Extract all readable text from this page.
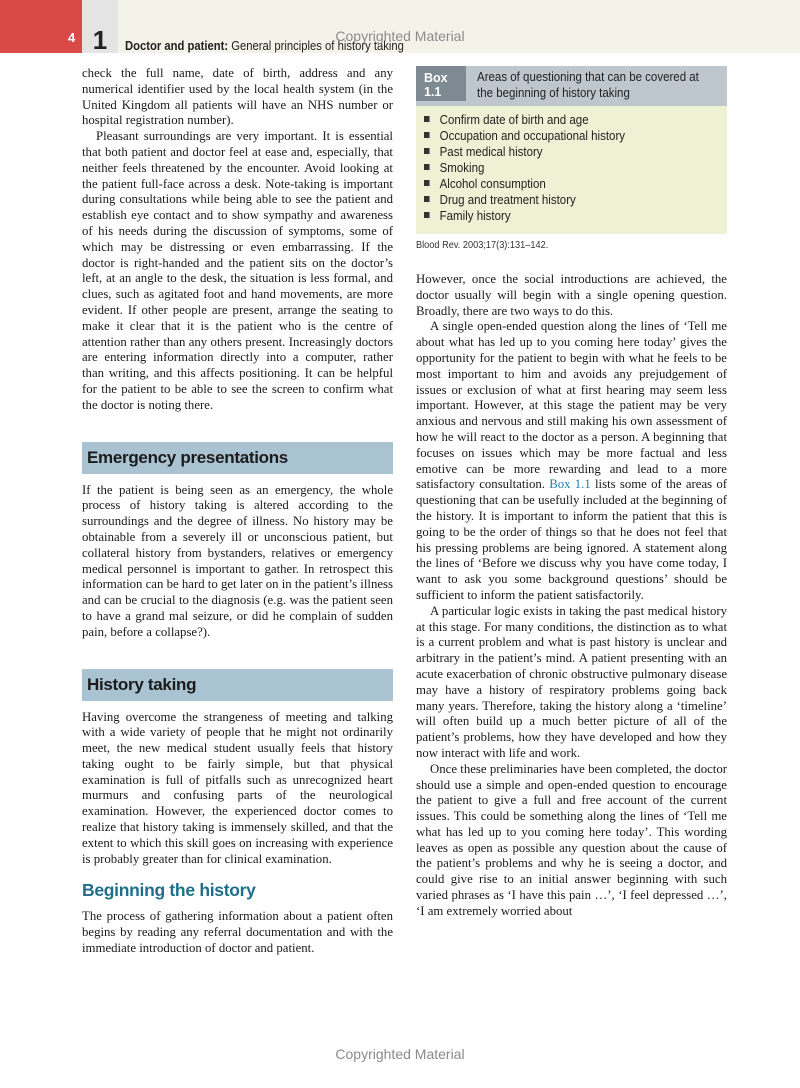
4 1	Doctor and patient: General principles of history taking
Copyrighted Material

check the full name, date of birth, address and any numerical identifier used by the local health system (in the United Kingdom all patients will have an NHS number or hospital registration number).

Pleasant surroundings are very important. It is essential that both patient and doctor feel at ease and, especially, that neither feels threatened by the encounter. Avoid looking at the patient full-face across a desk. Note-taking is important during consultations while being able to see the patient and establish eye contact and to show sympathy and awareness of his needs during the discussion of symptoms, some of which may be distressing or even embarrassing. If the doctor is right-handed and the patient sits on the doctor’s left, at an angle to the desk, the situation is less formal, and clues, such as agitated foot and hand movements, are more evident. If other people are present, arrange the seating to make it clear that it is the patient who is the centre of attention rather than any others present. Increasingly doctors are entering information directly into a computer, rather than writing, and this affects positioning. It can be helpful for the patient to be able to see the screen to confirm what the doctor is noting there.

Emergency presentations

If the patient is being seen as an emergency, the whole process of history taking is altered according to the surroundings and the degree of illness. No history may be obtainable from a severely ill or unconscious patient, but collateral history from bystanders, relatives or emergency medical personnel is important to gather. In retrospect this information can be hard to get later on in the patient’s illness and can be crucial to the diagnosis (e.g. was the patient seen to have a grand mal seizure, or did he complain of sudden pain, before a collapse?).

History taking

Having overcome the strangeness of meeting and talking with a wide variety of people that he might not ordinarily meet, the new medical student usually feels that history taking ought to be fairly simple, but that physical examination is full of pitfalls such as unrecognized heart murmurs and confusing parts of the neurological examination. However, the experienced doctor comes to realize that history taking is immensely skilled, and that the extent to which this skill goes on increasing with experience is probably greater than for clinical examination.

Beginning the history

The process of gathering information about a patient often begins by reading any referral documentation and with the immediate introduction of doctor and patient.

Box 1.1
Areas of questioning that can be covered at the beginning of history taking
Confirm date of birth and age
Occupation and occupational history
Past medical history
Smoking
Alcohol consumption
Drug and treatment history
Family history
Blood Rev. 2003;17(3):131–142.

However, once the social introductions are achieved, the doctor usually will begin with a single opening question. Broadly, there are two ways to do this.

A single open-ended question along the lines of ‘Tell me about what has led up to you coming here today’ gives the opportunity for the patient to begin with what he feels to be most important to him and avoids any prejudgement of issues or exclusion of what at first hearing may seem less important. However, at this stage the patient may be very anxious and nervous and still making his own assessment of how he will react to the doctor as a person. A beginning that focuses on issues which may be more factual and less emotive can be more rewarding and lead to a more satisfactory consultation. Box 1.1 lists some of the areas of questioning that can be usefully included at the beginning of the history. It is important to inform the patient that this is going to be the order of things so that he does not feel that his pressing problems are being ignored. A statement along the lines of ‘Before we discuss why you have come today, I want to ask you some background questions’ should be sufficient to inform the patient satisfactorily.

A particular logic exists in taking the past medical history at this stage. For many conditions, the distinction as to what is a current problem and what is past history is unclear and arbitrary in the patient’s mind. A patient presenting with an acute exacerbation of chronic obstructive pulmonary disease may have a history of respiratory problems going back many years. Therefore, taking the history along a ‘timeline’ will often build up a much better picture of all of the patient’s problems, how they have developed and how they now interact with life and work.

Once these preliminaries have been completed, the doctor should use a simple and open-ended question to encourage the patient to give a full and free account of the current issues. This could be something along the lines of ‘Tell me what has led up to you coming here today’. This wording leaves as open as possible any question about the cause of the patient’s problems and why he is seeing a doctor, and could give rise to an initial answer beginning with such varied phrases as ‘I have this pain …’, ‘I feel depressed …’, ‘I am extremely worried about

Copyrighted Material
